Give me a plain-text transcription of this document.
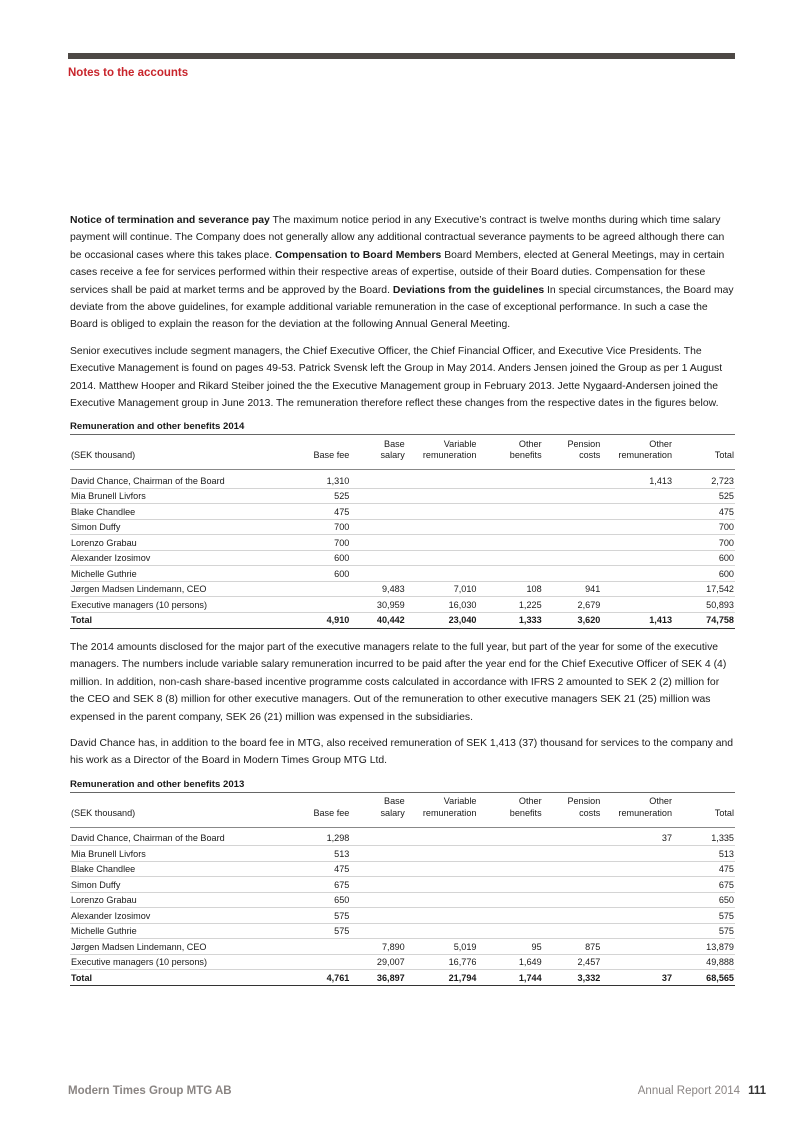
Notes to the accounts

Notice of termination and severance pay The maximum notice period in any Executive’s contract is twelve months during which time salary payment will continue. The Company does not generally allow any additional contractual severance payments to be agreed although there can be occasional cases where this takes place. Compensation to Board Members Board Members, elected at General Meetings, may in certain cases receive a fee for services performed within their respective areas of expertise, outside of their Board duties. Compensation for these services shall be paid at market terms and be approved by the Board. Deviations from the guidelines In special circumstances, the Board may deviate from the above guidelines, for example additional variable remuneration in the case of exceptional performance. In such a case the Board is obliged to explain the reason for the deviation at the following Annual General Meeting.

Senior executives include segment managers, the Chief Executive Officer, the Chief Financial Officer, and Executive Vice Presidents. The Executive Management is found on pages 49-53. Patrick Svensk left the Group in May 2014. Anders Jensen joined the Group as per 1 August 2014. Matthew Hooper and Rikard Steiber joined the the Executive Management group in February 2013. Jette Nygaard-Andersen joined the Executive Management group in June 2013. The remuneration therefore reflect these changes from the respective dates in the figures below.

Remuneration and other benefits 2014
		Base	Variable	Other	Pension	Other	
(SEK thousand)	Base fee	salary	remuneration	benefits	costs	remuneration	Total
David Chance, Chairman of the Board	1,310					1,413	2,723
Mia Brunell Livfors	525						525
Blake Chandlee	475						475
Simon Duffy	700						700
Lorenzo Grabau	700						700
Alexander Izosimov	600						600
Michelle Guthrie	600						600
Jørgen Madsen Lindemann, CEO		9,483	7,010	108	941		17,542
Executive managers (10 persons)		30,959	16,030	1,225	2,679		50,893
Total	4,910	40,442	23,040	1,333	3,620	1,413	74,758

The 2014 amounts disclosed for the major part of the executive managers relate to the full year, but part of the year for some of the executive managers. The numbers include variable salary remuneration incurred to be paid after the year end for the Chief Executive Officer of SEK 4 (4) million. In addition, non-cash share-based incentive programme costs calculated in accordance with IFRS 2 amounted to SEK 2 (2) million for the CEO and SEK 8 (8) million for other executive managers. Out of the remuneration to other executive managers SEK 21 (25) million was expensed in the parent company, SEK 26 (21) million was expensed in the subsidiaries.

David Chance has, in addition to the board fee in MTG, also received remuneration of SEK 1,413 (37) thousand for services to the company and his work as a Director of the Board in Modern Times Group MTG Ltd.

Remuneration and other benefits 2013
		Base	Variable	Other	Pension	Other	
(SEK thousand)	Base fee	salary	remuneration	benefits	costs	remuneration	Total
David Chance, Chairman of the Board	1,298					37	1,335
Mia Brunell Livfors	513						513
Blake Chandlee	475						475
Simon Duffy	675						675
Lorenzo Grabau	650						650
Alexander Izosimov	575						575
Michelle Guthrie	575						575
Jørgen Madsen Lindemann, CEO		7,890	5,019	95	875		13,879
Executive managers (10 persons)		29,007	16,776	1,649	2,457		49,888
Total	4,761	36,897	21,794	1,744	3,332	37	68,565
Modern Times Group MTG AB	Annual Report 2014 111
